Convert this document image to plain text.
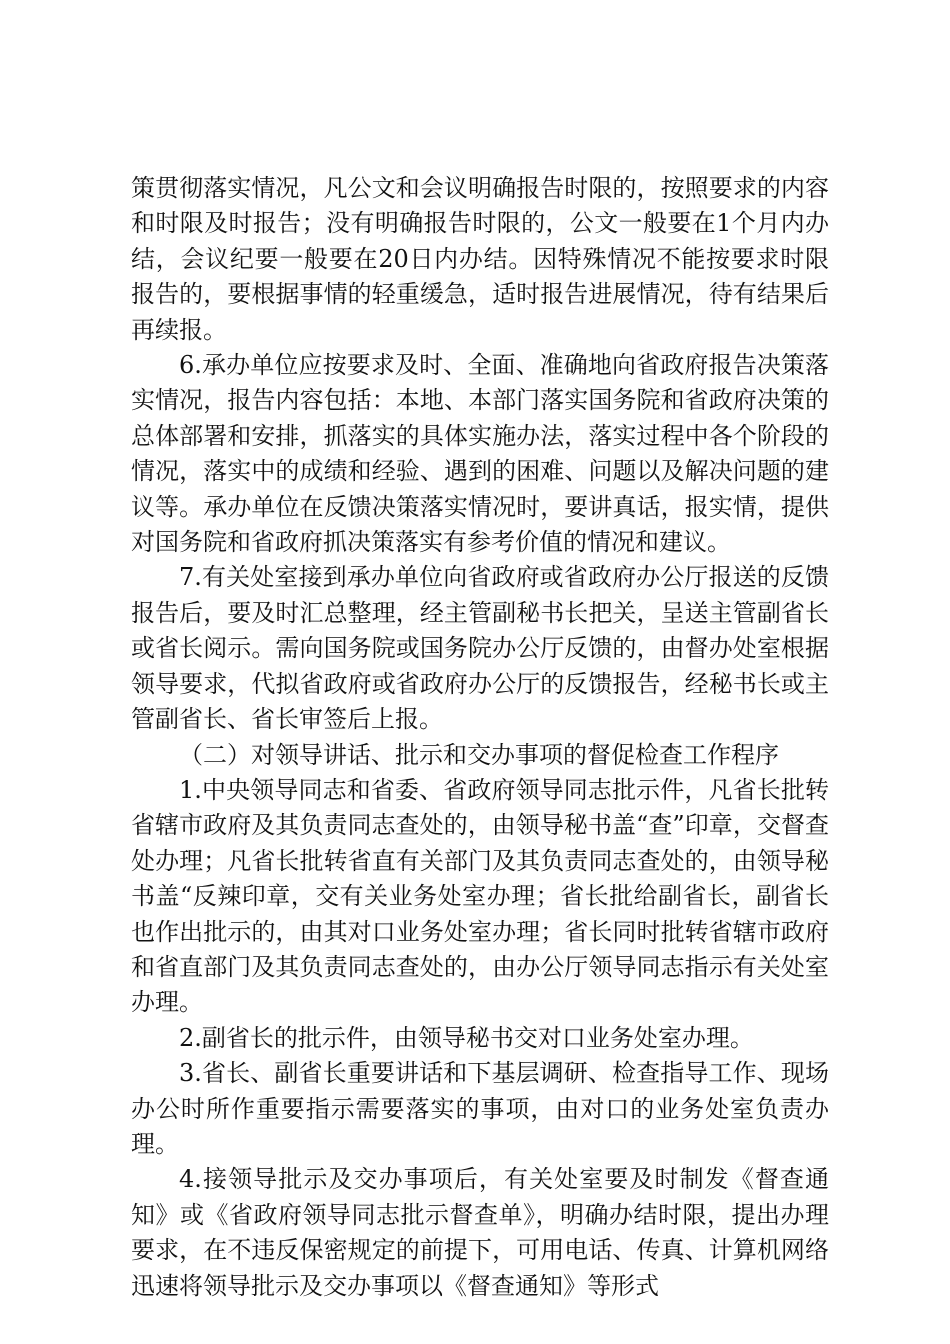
策贯彻落实情况，凡公文和会议明确报告时限的，按照要求的内容和时限及时报告；没有明确报告时限的，公文一般要在1个月内办结，会议纪要一般要在20日内办结。因特殊情况不能按要求时限报告的，要根据事情的轻重缓急，适时报告进展情况，待有结果后再续报。

6.承办单位应按要求及时、全面、准确地向省政府报告决策落实情况，报告内容包括：本地、本部门落实国务院和省政府决策的总体部署和安排，抓落实的具体实施办法，落实过程中各个阶段的情况，落实中的成绩和经验、遇到的困难、问题以及解决问题的建议等。承办单位在反馈决策落实情况时，要讲真话，报实情，提供对国务院和省政府抓决策落实有参考价值的情况和建议。

7.有关处室接到承办单位向省政府或省政府办公厅报送的反馈报告后，要及时汇总整理，经主管副秘书长把关，呈送主管副省长或省长阅示。需向国务院或国务院办公厅反馈的，由督办处室根据领导要求，代拟省政府或省政府办公厅的反馈报告，经秘书长或主管副省长、省长审签后上报。

（二）对领导讲话、批示和交办事项的督促检查工作程序

1.中央领导同志和省委、省政府领导同志批示件，凡省长批转省辖市政府及其负责同志查处的，由领导秘书盖“查”印章，交督查处办理；凡省长批转省直有关部门及其负责同志查处的，由领导秘书盖“反辣印章，交有关业务处室办理；省长批给副省长，副省长也作出批示的，由其对口业务处室办理；省长同时批转省辖市政府和省直部门及其负责同志查处的，由办公厅领导同志指示有关处室办理。

2.副省长的批示件，由领导秘书交对口业务处室办理。

3.省长、副省长重要讲话和下基层调研、检查指导工作、现场办公时所作重要指示需要落实的事项，由对口的业务处室负责办理。

4.接领导批示及交办事项后，有关处室要及时制发《督查通知》或《省政府领导同志批示督查单》，明确办结时限，提出办理要求，在不违反保密规定的前提下，可用电话、传真、计算机网络迅速将领导批示及交办事项以《督查通知》等形式
